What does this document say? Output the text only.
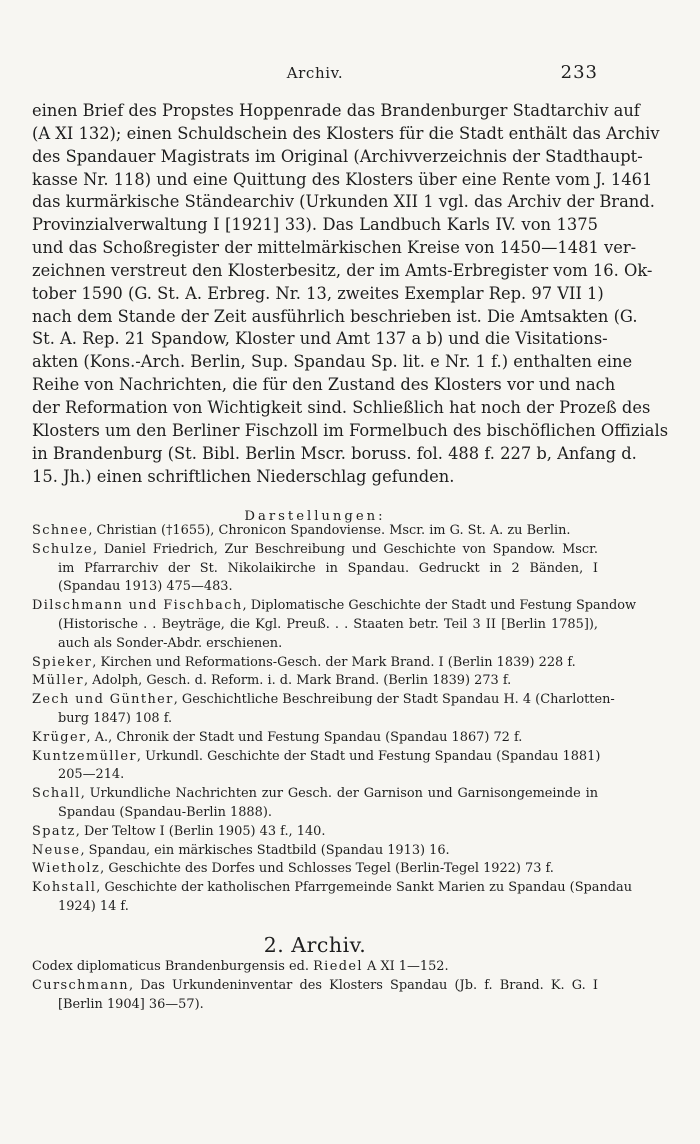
Archiv.	233
einen Brief des Propstes Hoppenrade das Brandenburger Stadtarchiv auf
(A XI 132); einen Schuldschein des Klosters für die Stadt enthält das Archiv
des Spandauer Magistrats im Original (Archivverzeichnis der Stadthaupt-
kasse Nr. 118) und eine Quittung des Klosters über eine Rente vom J. 1461
das kurmärkische Ständearchiv (Urkunden XII 1 vgl. das Archiv der Brand.
Provinzialverwaltung I [1921] 33). Das Landbuch Karls IV. von 1375
und das Schoßregister der mittelmärkischen Kreise von 1450—1481 ver-
zeichnen verstreut den Klosterbesitz, der im Amts-Erbregister vom 16. Ok-
tober 1590 (G. St. A. Erbreg. Nr. 13, zweites Exemplar Rep. 97 VII 1)
nach dem Stande der Zeit ausführlich beschrieben ist. Die Amtsakten (G.
St. A. Rep. 21 Spandow, Kloster und Amt 137 a b) und die Visitations-
akten (Kons.-Arch. Berlin, Sup. Spandau Sp. lit. e Nr. 1 f.) enthalten eine
Reihe von Nachrichten, die für den Zustand des Klosters vor und nach
der Reformation von Wichtigkeit sind. Schließlich hat noch der Prozeß des
Klosters um den Berliner Fischzoll im Formelbuch des bischöflichen Offizials
in Brandenburg (St. Bibl. Berlin Mscr. boruss. fol. 488 f. 227 b, Anfang d.
15. Jh.) einen schriftlichen Niederschlag gefunden.
Darstellungen:
Schnee, Christian (†1655), Chronicon Spandoviense. Mscr. im G. St. A. zu Berlin.
Schulze, Daniel Friedrich, Zur Beschreibung und Geschichte von Spandow. Mscr.
im Pfarrarchiv der St. Nikolaikirche in Spandau. Gedruckt in 2 Bänden, I
(Spandau 1913) 475—483.
Dilschmann und Fischbach, Diplomatische Geschichte der Stadt und Festung Spandow
(Historische . . Beyträge, die Kgl. Preuß. . . Staaten betr. Teil 3 II [Berlin 1785]),
auch als Sonder-Abdr. erschienen.
Spieker, Kirchen und Reformations-Gesch. der Mark Brand. I (Berlin 1839) 228 f.
Müller, Adolph, Gesch. d. Reform. i. d. Mark Brand. (Berlin 1839) 273 f.
Zech und Günther, Geschichtliche Beschreibung der Stadt Spandau H. 4 (Charlotten-
burg 1847) 108 f.
Krüger, A., Chronik der Stadt und Festung Spandau (Spandau 1867) 72 f.
Kuntzemüller, Urkundl. Geschichte der Stadt und Festung Spandau (Spandau 1881)
205—214.
Schall, Urkundliche Nachrichten zur Gesch. der Garnison und Garnisongemeinde in
Spandau (Spandau-Berlin 1888).
Spatz, Der Teltow I (Berlin 1905) 43 f., 140.
Neuse, Spandau, ein märkisches Stadtbild (Spandau 1913) 16.
Wietholz, Geschichte des Dorfes und Schlosses Tegel (Berlin-Tegel 1922) 73 f.
Kohstall, Geschichte der katholischen Pfarrgemeinde Sankt Marien zu Spandau (Spandau
1924) 14 f.
2. Archiv.
Codex diplomaticus Brandenburgensis ed. Riedel A XI 1—152.
Curschmann, Das Urkundeninventar des Klosters Spandau (Jb. f. Brand. K. G. I
[Berlin 1904] 36—57).
